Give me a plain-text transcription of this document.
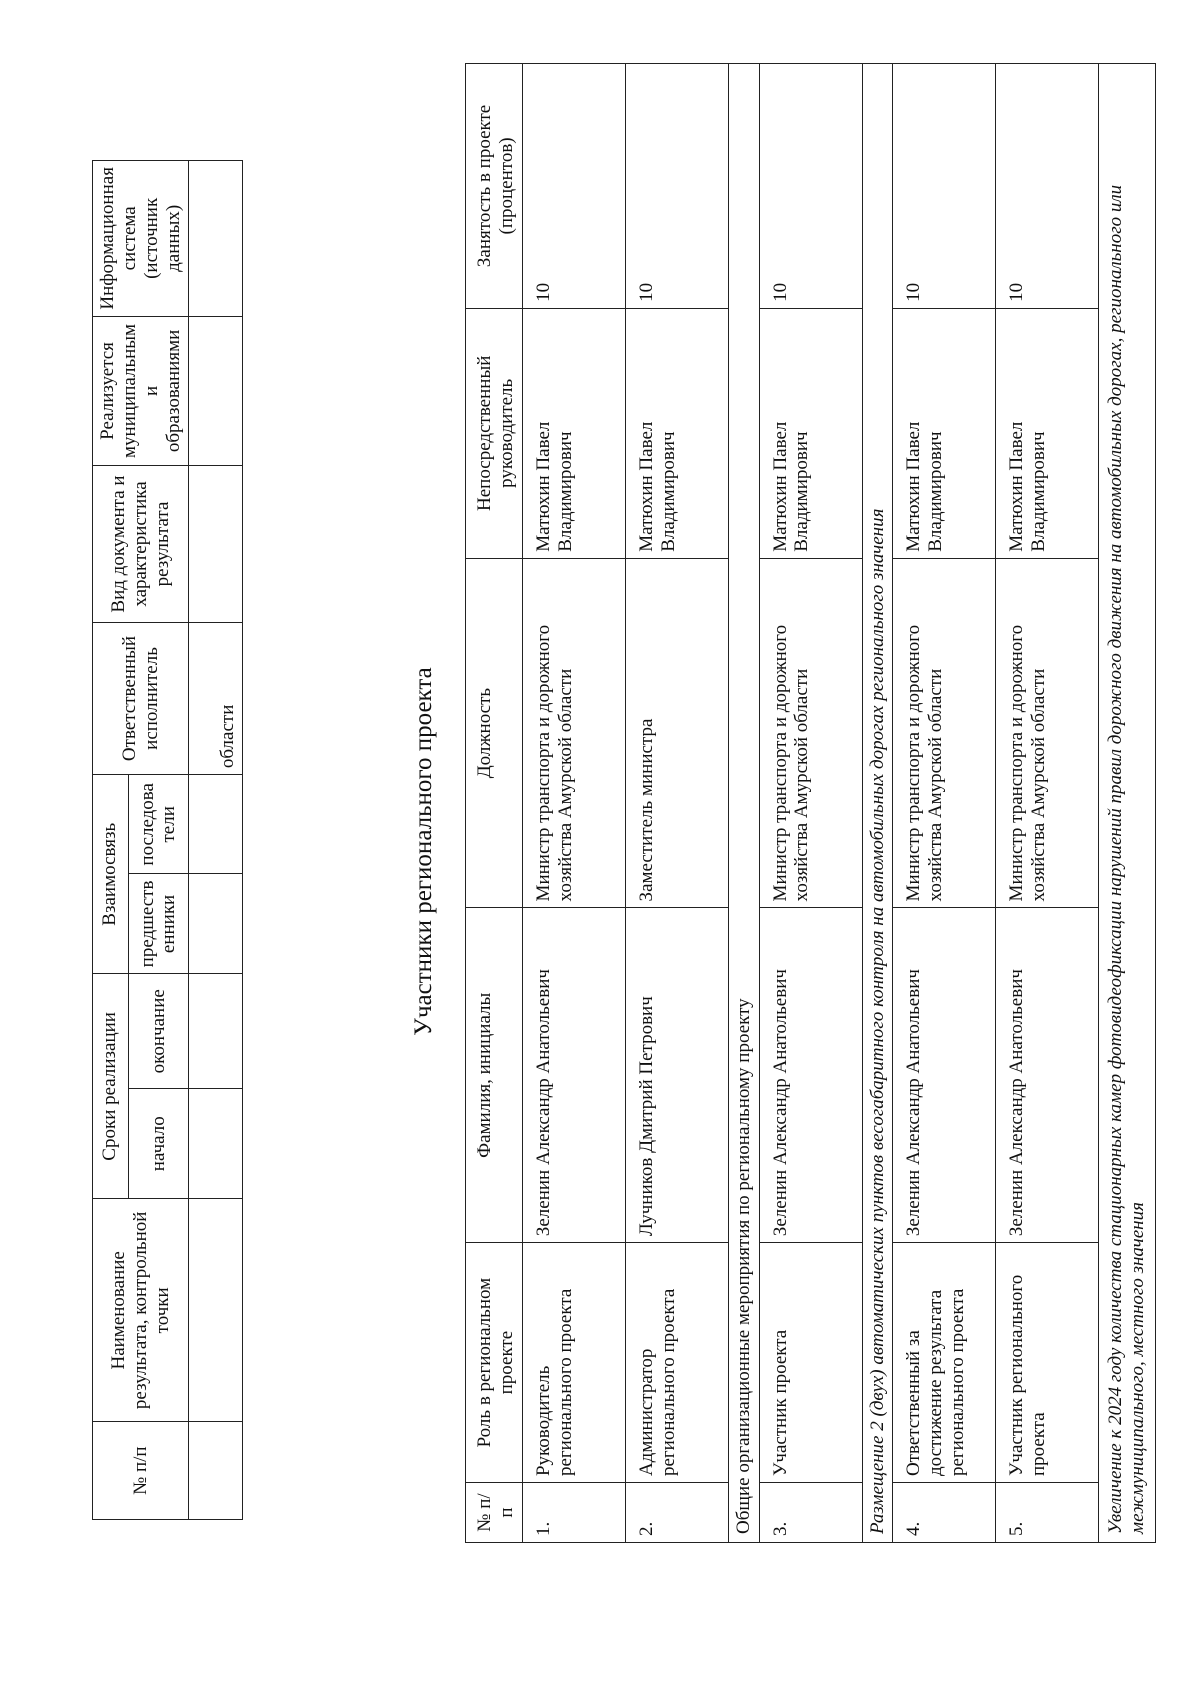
№ п/п	Наименование результата, контрольной точки	Сроки реализации		Взаимосвязь		Ответственный исполнитель	Вид документа и характеристика результата	Реализуется муниципальным и образованиями	Информационная система (источник данных)
		начало	окончание	предшеств енники	последова тели				
						области				Участники регионального проекта
№ п/п	Роль в региональном проекте	Фамилия, инициалы	Должность	Непосредственный руководитель	Занятость в проекте (процентов)
1.	Руководитель регионального проекта	Зеленин Александр Анатольевич	Министр транспорта и дорожного хозяйства Амурской области	Матюхин Павел Владимирович	10
2.	Администратор регионального проекта	Лучников Дмитрий Петрович	Заместитель министра	Матюхин Павел Владимирович	10
Общие организационные мероприятия по региональному проекту					
3.	Участник проекта	Зеленин Александр Анатольевич	Министр транспорта и дорожного хозяйства Амурской области	Матюхин Павел Владимирович	10
Размещение 2 (двух) автоматических пунктов весогабаритного контроля на автомобильных дорогах регионального значения					
4.	Ответственный за достижение результата регионального проекта	Зеленин Александр Анатольевич	Министр транспорта и дорожного хозяйства Амурской области	Матюхин Павел Владимирович	10
5.	Участник регионального проекта	Зеленин Александр Анатольевич	Министр транспорта и дорожного хозяйства Амурской области	Матюхин Павел Владимирович	10
Увеличение к 2024 году количества стационарных камер фотовидеофиксации нарушений правил дорожного движения на автомобильных дорогах, регионального или межмуниципального, местного значения					
